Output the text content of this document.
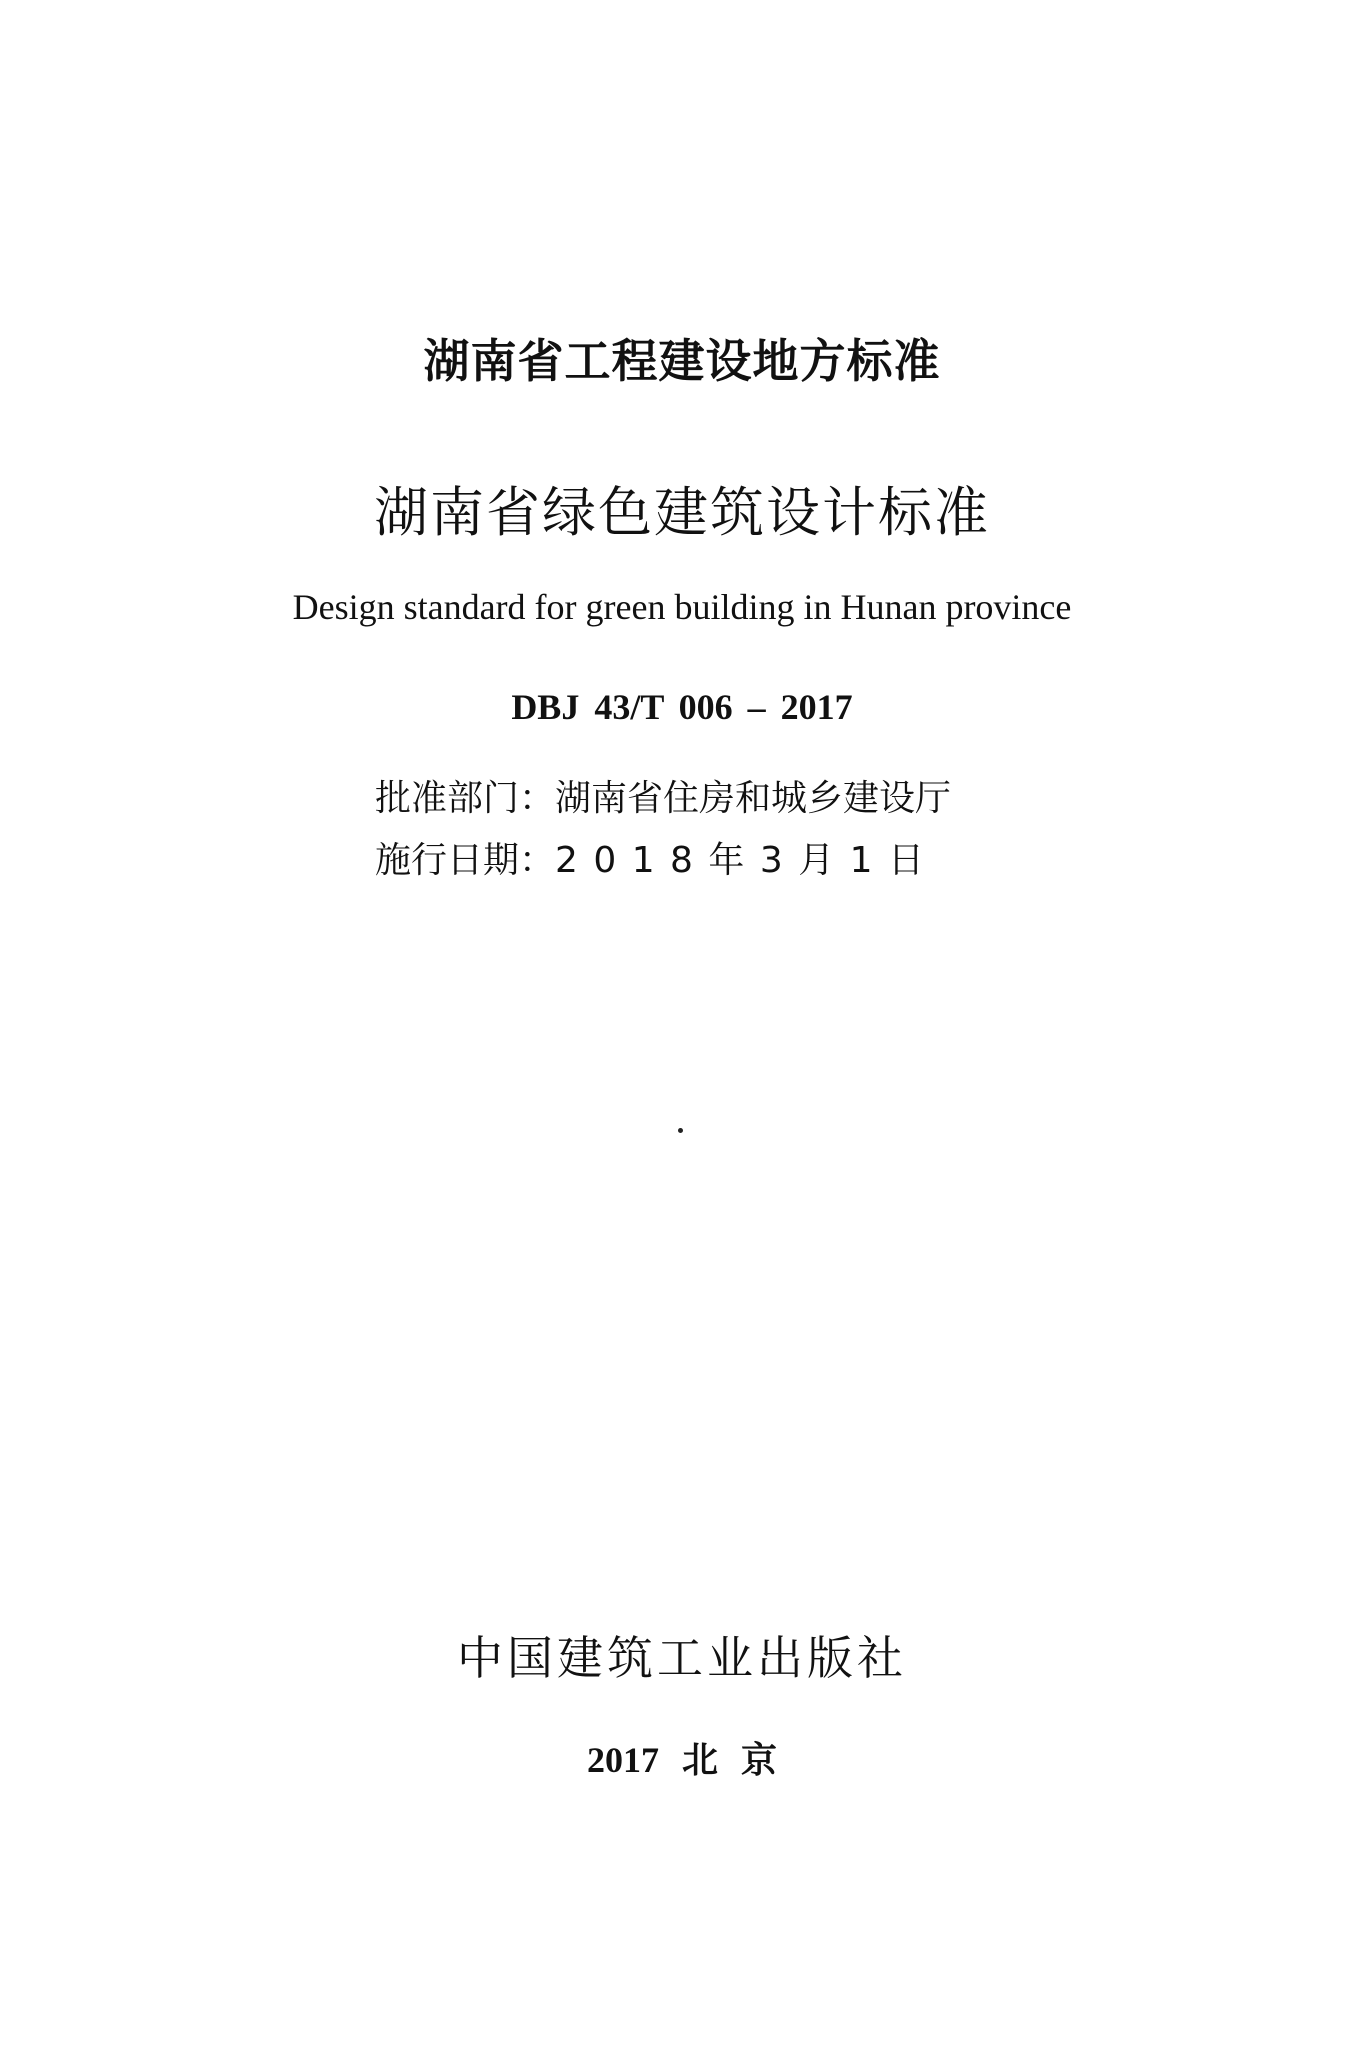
湖南省工程建设地方标准
湖南省绿色建筑设计标准
Design standard for green building in Hunan province
DBJ 43/T 006 – 2017
批准部门：湖南省住房和城乡建设厅
施行日期：2 0 1 8 年 3 月 1 日
中国建筑工业出版社
2017 北 京
